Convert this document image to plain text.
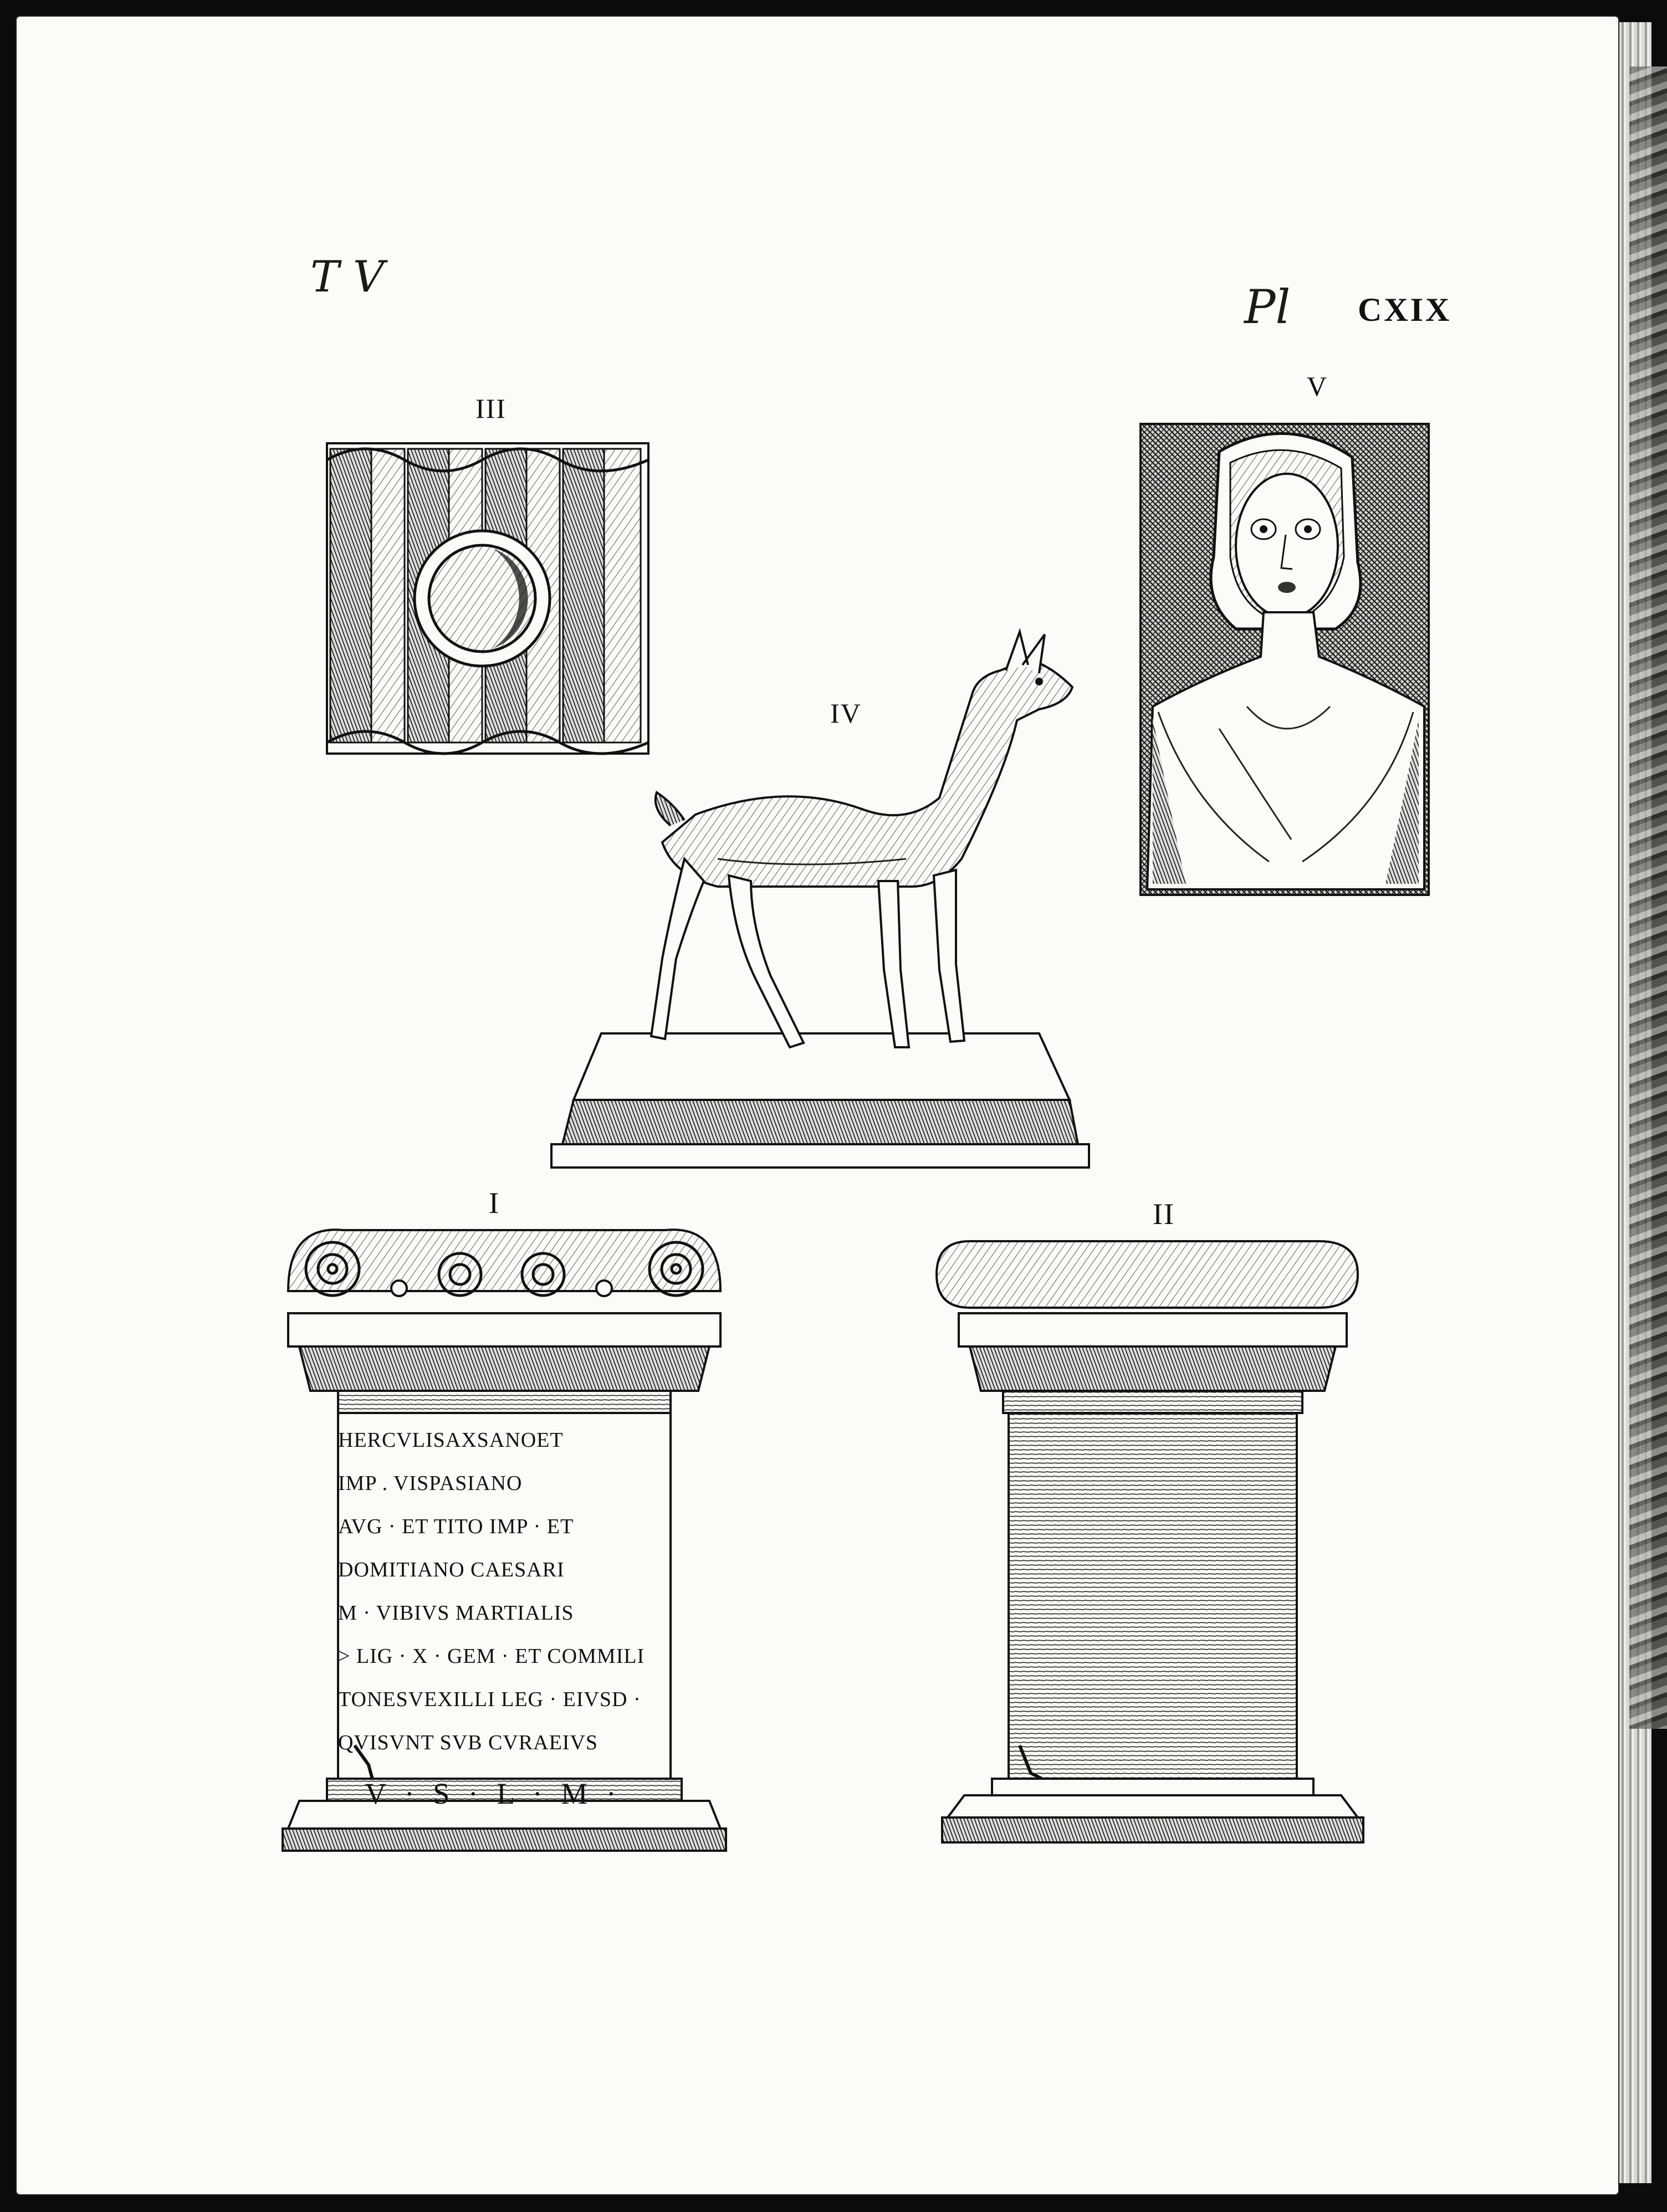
T V
Pl CXIX
III
V
IV
I	II
HERCVLISAXSANOET
IMP . VISPASIANO
AVG · ET TITO IMP · ET
DOMITIANO CAESARI
M · VIBIVS MARTIALIS
> LIG · X · GEM · ET COMMILI
TONESVEXILLI LEG · EIVSD ·
QVISVNT SVB CVRAEIVS
V · S · L · M ·
